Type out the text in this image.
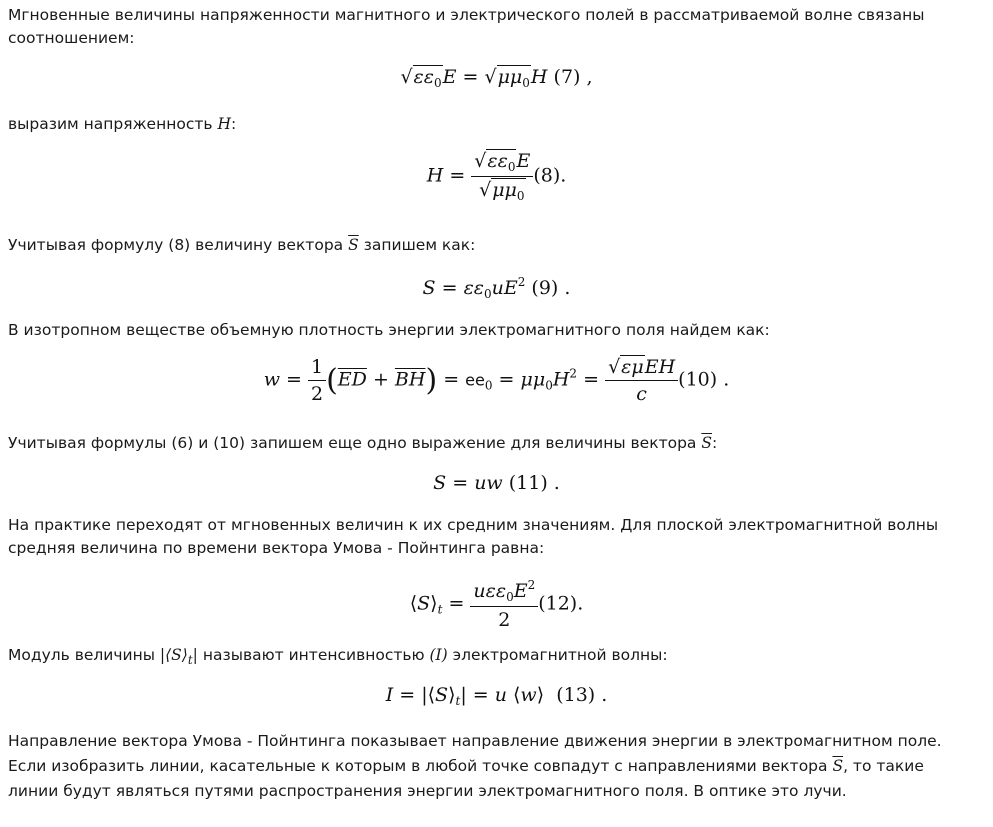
Мгновенные величины напряженности магнитного и электрического полей в рассматриваемой волне связаны соотношением:

$√\varepsilon\varepsilon_0E = √\mu\mu_0H$ (7) ,

выразим напряженность H:

$H = \frac{√\varepsilon\varepsilon_0E}{√\mu\mu_0} (8)$.

Учитывая формулу (8) величину вектора $\overline{S}$ запишем как:

$S = \varepsilon\varepsilon_0uE^2$ (9) .

В изотропном веществе объемную плотность энергии электромагнитного поля найдем как:

$w = \frac{1}{2} (\overline{ED} + \overline{BH}) = ee_0 = \mu\mu_0H^2 = \frac{\text{√εμEH}}{c} (10)$ .

Учитывая формулы (6) и (10) запишем еще одно выражение для величины вектора $\overline{S}$:

S = uw (11) .

На практике переходят от мгновенных величин к их средним значениям. Для плоской электромагнитной волны средняя величина по времени вектора Умова - Пойнтинга равна:

$⟨S⟩_t = \frac{u\varepsilon\varepsilon_0E^2}{2} (12)$.

Модуль величины $|⟨S⟩_t|$ называют интенсивностью (I) электромагнитной волны:

$I = |⟨S⟩_t| = u$ ⟨w⟩  (13) .

Направление вектора Умова - Пойнтинга показывает направление движения энергии в электромагнитном поле. Если изобразить линии, касательные к которым в любой точке совпадут с направлениями вектора $\overline{S}$, то такие линии будут являться путями распространения энергии электромагнитного поля. В оптике это лучи.
